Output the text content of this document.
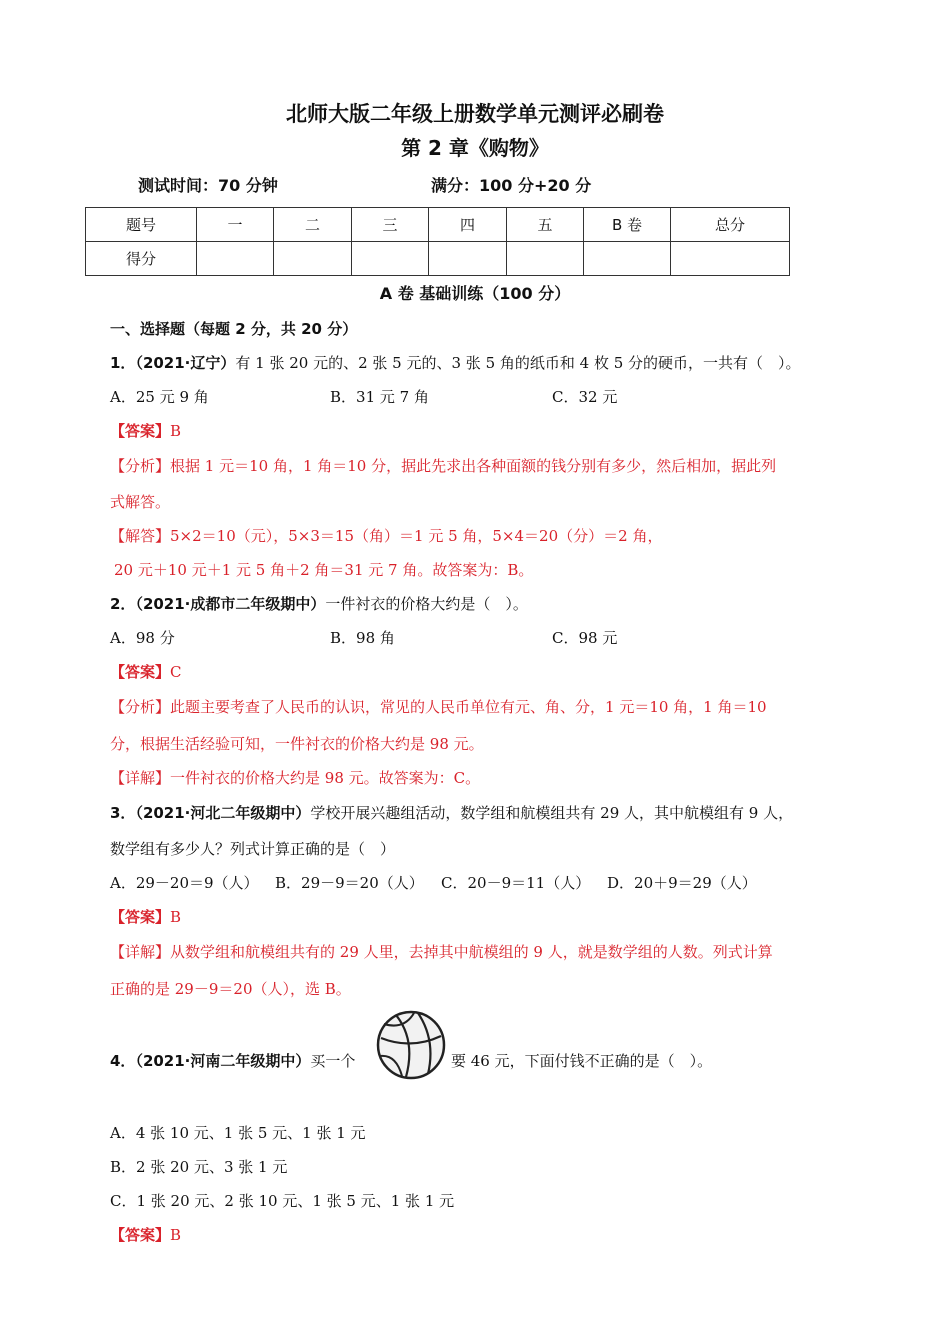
北师大版二年级上册数学单元测评必刷卷
第 2 章《购物》
测试时间：70 分钟	满分：100 分+20 分
题号	一	二	三	四	五	B 卷	总分
得分							
A 卷 基础训练（100 分）
一、选择题（每题 2 分，共 20 分）
1．（2021·辽宁）有 1 张 20 元的、2 张 5 元的、3 张 5 角的纸币和 4 枚 5 分的硬币，一共有（　）。
A．25 元 9 角	B．31 元 7 角	C．32 元
【答案】B
【分析】根据 1 元＝10 角，1 角＝10 分，据此先求出各种面额的钱分别有多少，然后相加，据此列
式解答。
【解答】5×2＝10（元），5×3＝15（角）＝1 元 5 角，5×4＝20（分）＝2 角，
20 元＋10 元＋1 元 5 角＋2 角＝31 元 7 角。故答案为：B。
2．（2021·成都市二年级期中）一件衬衣的价格大约是（　）。
A．98 分	B．98 角	C．98 元
【答案】C
【分析】此题主要考查了人民币的认识，常见的人民币单位有元、角、分，1 元＝10 角，1 角＝10
分，根据生活经验可知，一件衬衣的价格大约是 98 元。
【详解】一件衬衣的价格大约是 98 元。故答案为：C。
3．（2021·河北二年级期中）学校开展兴趣组活动，数学组和航模组共有 29 人，其中航模组有 9 人，
数学组有多少人？列式计算正确的是（　）
A．29－20＝9（人） B．29－9＝20（人） C．20－9＝11（人） D．20＋9＝29（人）
【答案】B
【详解】从数学组和航模组共有的 29 人里，去掉其中航模组的 9 人，就是数学组的人数。列式计算
正确的是 29－9＝20（人），选 B。
4．（2021·河南二年级期中）买一个	要 46 元，下面付钱不正确的是（　）。
A．4 张 10 元、1 张 5 元、1 张 1 元
B．2 张 20 元、3 张 1 元
C．1 张 20 元、2 张 10 元、1 张 5 元、1 张 1 元
【答案】B
